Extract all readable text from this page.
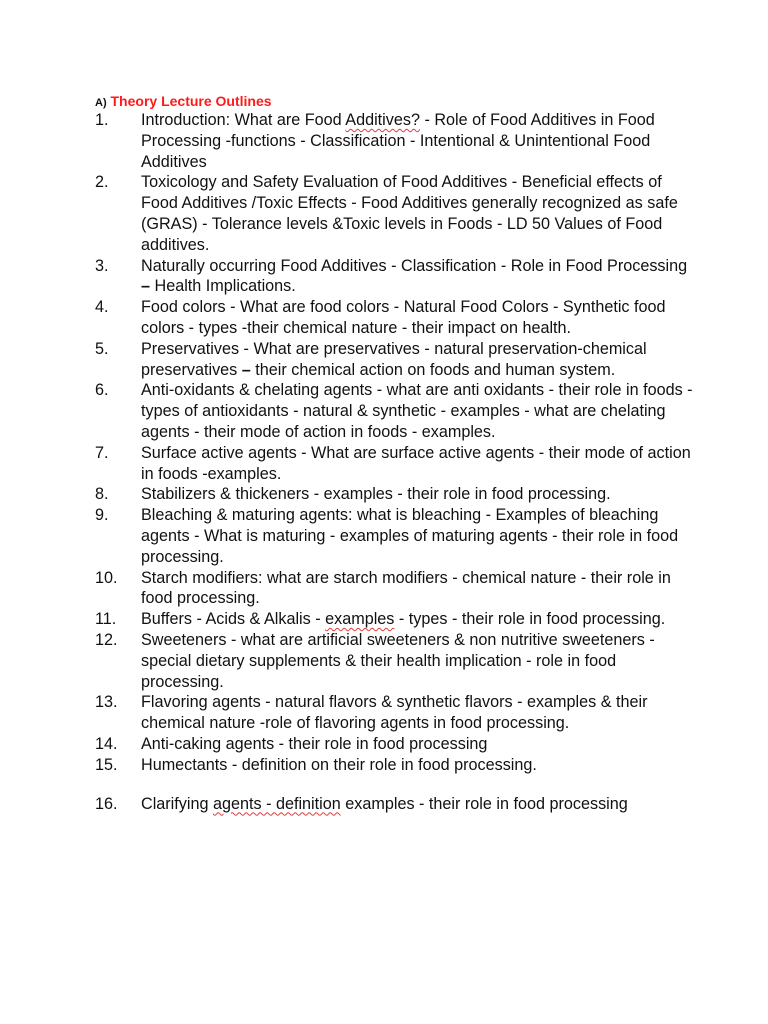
A) Theory Lecture Outlines
1. Introduction: What are Food Additives? - Role of Food Additives in Food Processing -functions - Classification - Intentional & Unintentional Food Additives
2. Toxicology and Safety Evaluation of Food Additives - Beneficial effects of Food Additives /Toxic Effects - Food Additives generally recognized as safe (GRAS) - Tolerance levels &Toxic levels in Foods - LD 50 Values of Food additives.
3. Naturally occurring Food Additives - Classification - Role in Food Processing – Health Implications.
4. Food colors - What are food colors - Natural Food Colors - Synthetic food colors - types -their chemical nature - their impact on health.
5. Preservatives - What are preservatives - natural preservation-chemical preservatives – their chemical action on foods and human system.
6. Anti-oxidants & chelating agents - what are anti oxidants - their role in foods - types of antioxidants - natural & synthetic - examples - what are chelating agents - their mode of action in foods - examples.
7. Surface active agents - What are surface active agents - their mode of action in foods -examples.
8. Stabilizers & thickeners - examples - their role in food processing.
9. Bleaching & maturing agents: what is bleaching - Examples of bleaching agents - What is maturing - examples of maturing agents - their role in food processing.
10. Starch modifiers: what are starch modifiers - chemical nature - their role in food processing.
11. Buffers - Acids & Alkalis - examples - types - their role in food processing.
12. Sweeteners - what are artificial sweeteners & non nutritive sweeteners - special dietary supplements & their health implication - role in food processing.
13. Flavoring agents - natural flavors & synthetic flavors - examples & their chemical nature -role of flavoring agents in food processing.
14. Anti-caking agents - their role in food processing
15. Humectants - definition on their role in food processing.
16. Clarifying agents - definition examples - their role in food processing
